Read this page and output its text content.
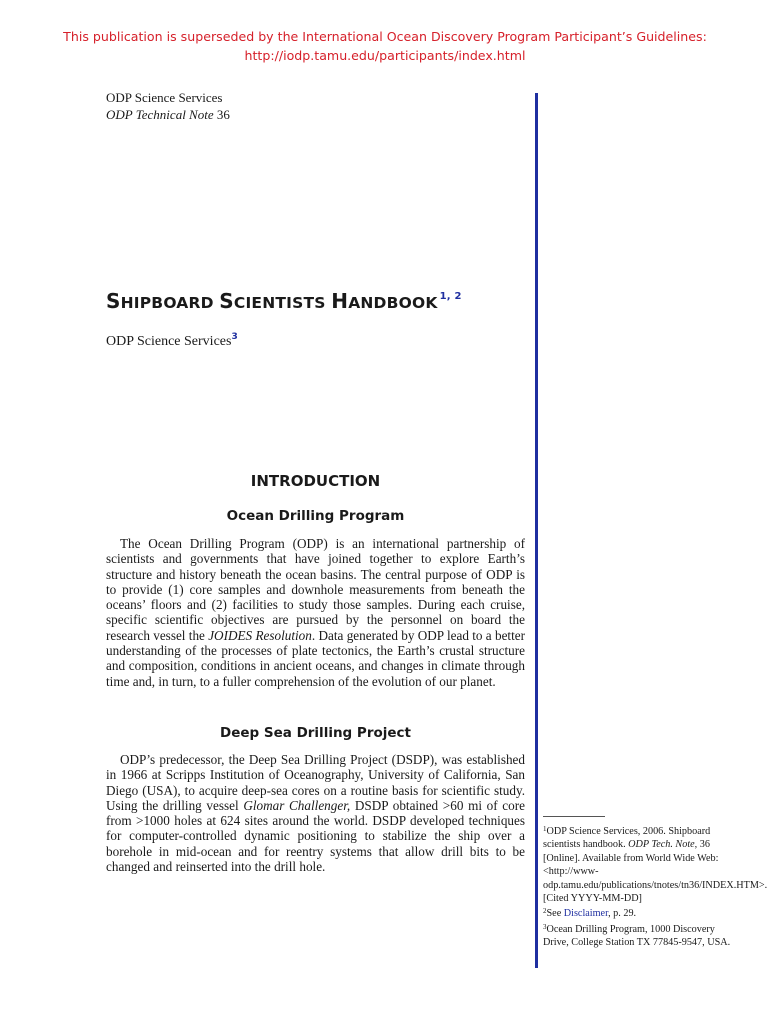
This publication is superseded by the International Ocean Discovery Program Participant’s Guidelines:
http://iodp.tamu.edu/participants/index.html
ODP Science Services
ODP Technical Note 36
SHIPBOARD SCIENTISTS HANDBOOK $^{1, 2}$
ODP Science Services$^3$
INTRODUCTION
Ocean Drilling Program

The Ocean Drilling Program (ODP) is an international partnership of scientists and governments that have joined together to explore Earth’s structure and history beneath the ocean basins. The central purpose of ODP is to provide (1) core samples and downhole measurements from beneath the oceans’ floors and (2) facilities to study those samples. During each cruise, specific scientific objectives are pursued by the personnel on board the research vessel the JOIDES Resolution. Data generated by ODP lead to a better understanding of the processes of plate tectonics, the Earth’s crustal structure and composition, conditions in ancient oceans, and changes in climate through time and, in turn, to a fuller comprehension of the evolution of our planet.

Deep Sea Drilling Project

ODP’s predecessor, the Deep Sea Drilling Project (DSDP), was established in 1966 at Scripps Institution of Oceanography, University of California, San Diego (USA), to acquire deep-sea cores on a routine basis for scientific study. Using the drilling vessel Glomar Challenger, DSDP obtained >60 mi of core from >1000 holes at 624 sites around the world. DSDP developed techniques for computer-controlled dynamic positioning to stabilize the ship over a borehole in mid-ocean and for reentry systems that allow drill bits to be changed and reinserted into the drill hole.

$^1$ODP Science Services, 2006. Shipboard scientists handbook. ODP Tech. Note, 36 [Online]. Available from World Wide Web: <http://www-odp.tamu.edu/publications/tnotes/tn36/INDEX.HTM>. [Cited YYYY-MM-DD]
$^2$See Disclaimer, p. 29.
$^3$Ocean Drilling Program, 1000 Discovery Drive, College Station TX 77845-9547, USA.
